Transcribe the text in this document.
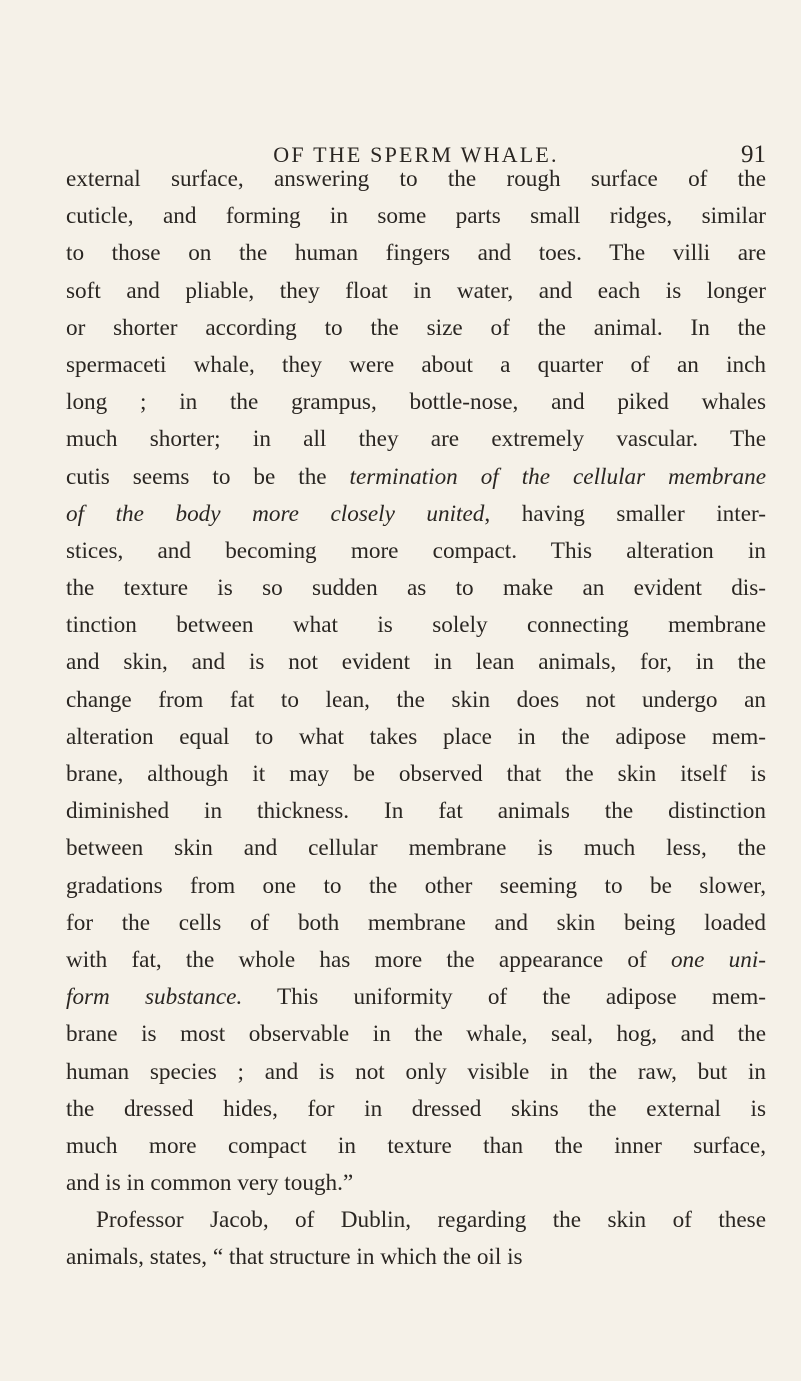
OF THE SPERM WHALE.	91
external surface, answering to the rough surface of the
cuticle, and forming in some parts small ridges, similar
to those on the human fingers and toes. The villi are
soft and pliable, they float in water, and each is longer
or shorter according to the size of the animal. In the
spermaceti whale, they were about a quarter of an inch
long ; in the grampus, bottle-nose, and piked whales
much shorter; in all they are extremely vascular. The
cutis seems to be the termination of the cellular membrane
of the body more closely united, having smaller inter-
stices, and becoming more compact. This alteration in
the texture is so sudden as to make an evident dis-
tinction between what is solely connecting membrane
and skin, and is not evident in lean animals, for, in the
change from fat to lean, the skin does not undergo an
alteration equal to what takes place in the adipose mem-
brane, although it may be observed that the skin itself is
diminished in thickness. In fat animals the distinction
between skin and cellular membrane is much less, the
gradations from one to the other seeming to be slower,
for the cells of both membrane and skin being loaded
with fat, the whole has more the appearance of one uni-
form substance. This uniformity of the adipose mem-
brane is most observable in the whale, seal, hog, and the
human species ; and is not only visible in the raw, but in
the dressed hides, for in dressed skins the external is
much more compact in texture than the inner surface,
and is in common very tough.”
Professor Jacob, of Dublin, regarding the skin of these
animals, states, “ that structure in which the oil is
